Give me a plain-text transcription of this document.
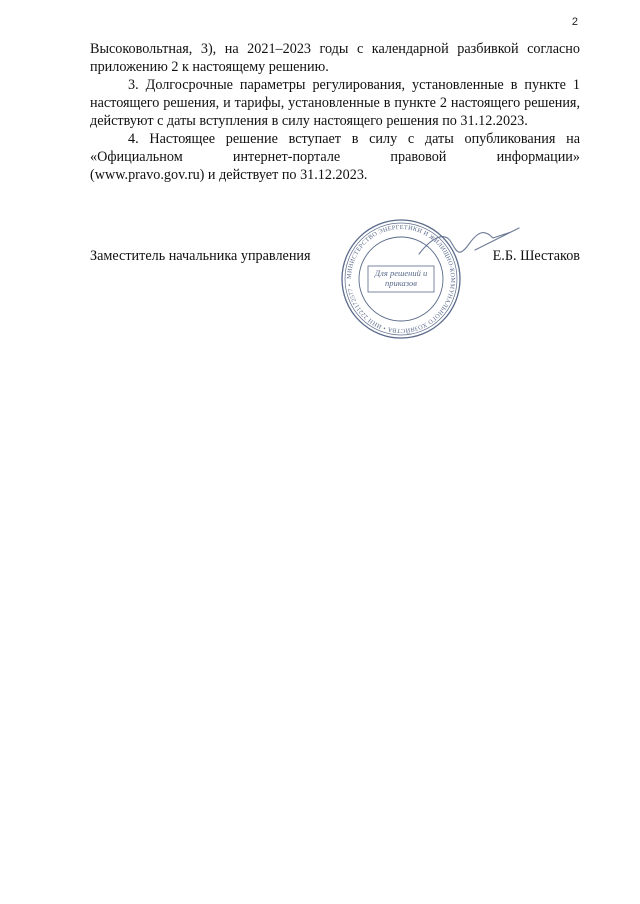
2

Высоковольтная, 3), на 2021–2023 годы с календарной разбивкой согласно приложению 2 к настоящему решению.

3. Долгосрочные параметры регулирования, установленные в пункте 1 настоящего решения, и тарифы, установленные в пункте 2 настоящего решения, действуют с даты вступления в силу настоящего решения по 31.12.2023.

4. Настоящее решение вступает в силу с даты опубликования на

«Официальном интернет-портале правовой информации»

(www.pravo.gov.ru) и действует по 31.12.2023.

Заместитель начальника управления	Е.Б. Шестаков
МИНИСТЕРСТВО ЭНЕРГЕТИКИ И ЖИЛИЩНО-КОММУНАЛЬНОГО ХОЗЯЙСТВА • ИНН 2221172577 •
Для решений и приказов
